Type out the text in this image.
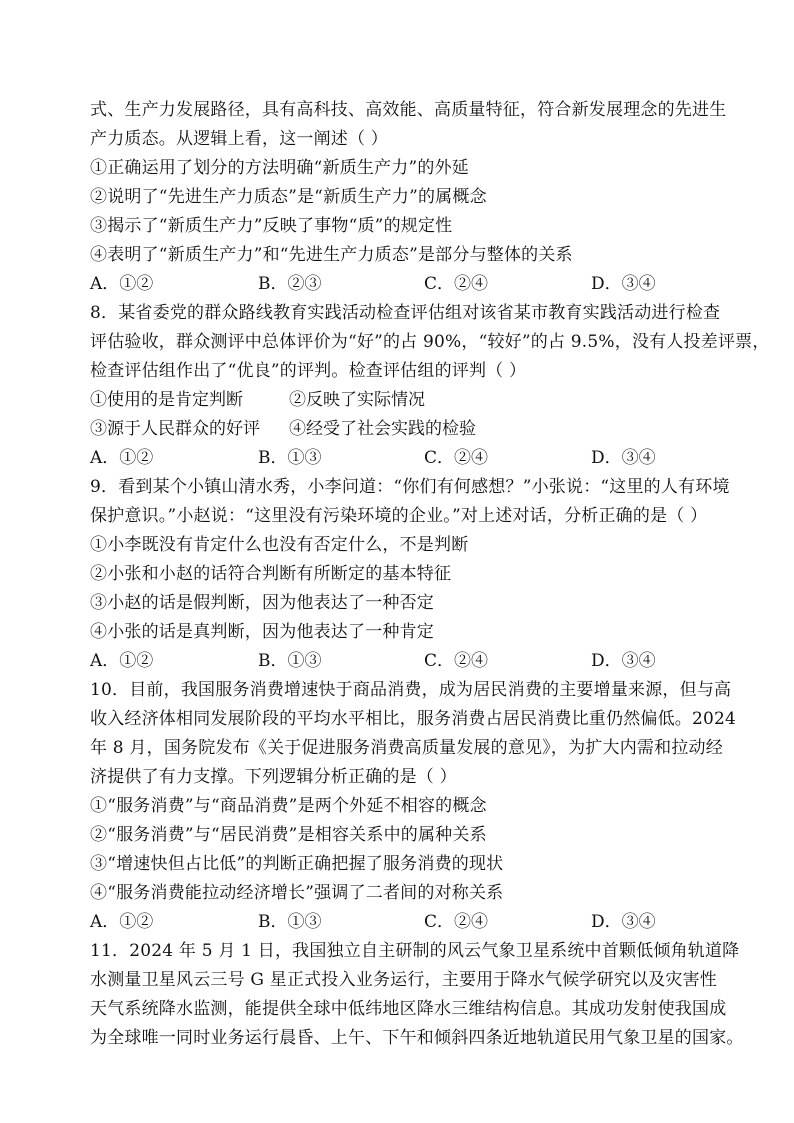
式、生产力发展路径，具有高科技、高效能、高质量特征，符合新发展理念的先进生
产力质态。从逻辑上看，这一阐述（ ）
①正确运用了划分的方法明确“新质生产力”的外延
②说明了“先进生产力质态”是“新质生产力”的属概念
③揭示了“新质生产力”反映了事物“质”的规定性
④表明了“新质生产力”和“先进生产力质态”是部分与整体的关系
A．①②	B．②③	C．②④	D．③④
8．某省委党的群众路线教育实践活动检查评估组对该省某市教育实践活动进行检查
评估验收，群众测评中总体评价为“好”的占 90%，“较好”的占 9.5%，没有人投差评票，
检查评估组作出了“优良”的评判。检查评估组的评判（ ）
①使用的是肯定判断	②反映了实际情况
③源于人民群众的好评 ④经受了社会实践的检验
A．①②	B．①③	C．②④	D．③④
9．看到某个小镇山清水秀，小李问道：“你们有何感想？”小张说：“这里的人有环境
保护意识。”小赵说：“这里没有污染环境的企业。”对上述对话，分析正确的是（ ）
①小李既没有肯定什么也没有否定什么，不是判断
②小张和小赵的话符合判断有所断定的基本特征
③小赵的话是假判断，因为他表达了一种否定
④小张的话是真判断，因为他表达了一种肯定
A．①②	B．①③	C．②④	D．③④
10．目前，我国服务消费增速快于商品消费，成为居民消费的主要增量来源，但与高
收入经济体相同发展阶段的平均水平相比，服务消费占居民消费比重仍然偏低。2024
年 8 月，国务院发布《关于促进服务消费高质量发展的意见》，为扩大内需和拉动经
济提供了有力支撑。下列逻辑分析正确的是（ ）
①“服务消费”与“商品消费”是两个外延不相容的概念
②“服务消费”与“居民消费”是相容关系中的属种关系
③“增速快但占比低”的判断正确把握了服务消费的现状
④“服务消费能拉动经济增长”强调了二者间的对称关系
A．①②	B．①③	C．②④	D．③④
11．2024 年 5 月 1 日，我国独立自主研制的风云气象卫星系统中首颗低倾角轨道降
水测量卫星风云三号 G 星正式投入业务运行，主要用于降水气候学研究以及灾害性
天气系统降水监测，能提供全球中低纬地区降水三维结构信息。其成功发射使我国成
为全球唯一同时业务运行晨昏、上午、下午和倾斜四条近地轨道民用气象卫星的国家。
